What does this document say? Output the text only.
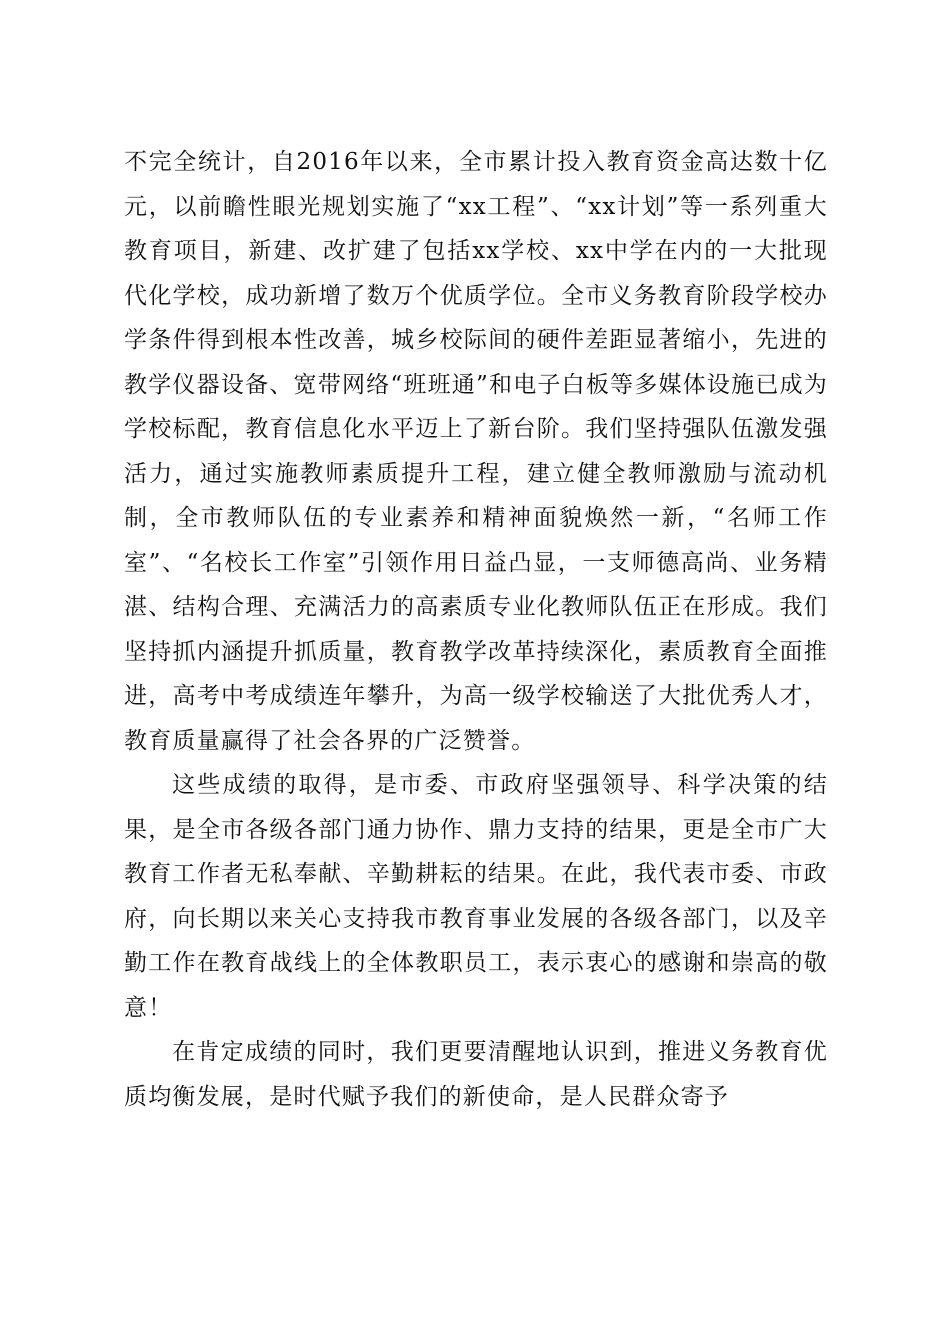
不完全统计，自2016年以来，全市累计投入教育资金高达数十亿元，以前瞻性眼光规划实施了“xx工程”、“xx计划”等一系列重大教育项目，新建、改扩建了包括xx学校、xx中学在内的一大批现代化学校，成功新增了数万个优质学位。全市义务教育阶段学校办学条件得到根本性改善，城乡校际间的硬件差距显著缩小，先进的教学仪器设备、宽带网络“班班通”和电子白板等多媒体设施已成为学校标配，教育信息化水平迈上了新台阶。我们坚持强队伍激发强活力，通过实施教师素质提升工程，建立健全教师激励与流动机制，全市教师队伍的专业素养和精神面貌焕然一新，“名师工作室”、“名校长工作室”引领作用日益凸显，一支师德高尚、业务精湛、结构合理、充满活力的高素质专业化教师队伍正在形成。我们坚持抓内涵提升抓质量，教育教学改革持续深化，素质教育全面推进，高考中考成绩连年攀升，为高一级学校输送了大批优秀人才，教育质量赢得了社会各界的广泛赞誉。

这些成绩的取得，是市委、市政府坚强领导、科学决策的结果，是全市各级各部门通力协作、鼎力支持的结果，更是全市广大教育工作者无私奉献、辛勤耕耘的结果。在此，我代表市委、市政府，向长期以来关心支持我市教育事业发展的各级各部门，以及辛勤工作在教育战线上的全体教职员工，表示衷心的感谢和崇高的敬意！

在肯定成绩的同时，我们更要清醒地认识到，推进义务教育优质均衡发展，是时代赋予我们的新使命，是人民群众寄予
